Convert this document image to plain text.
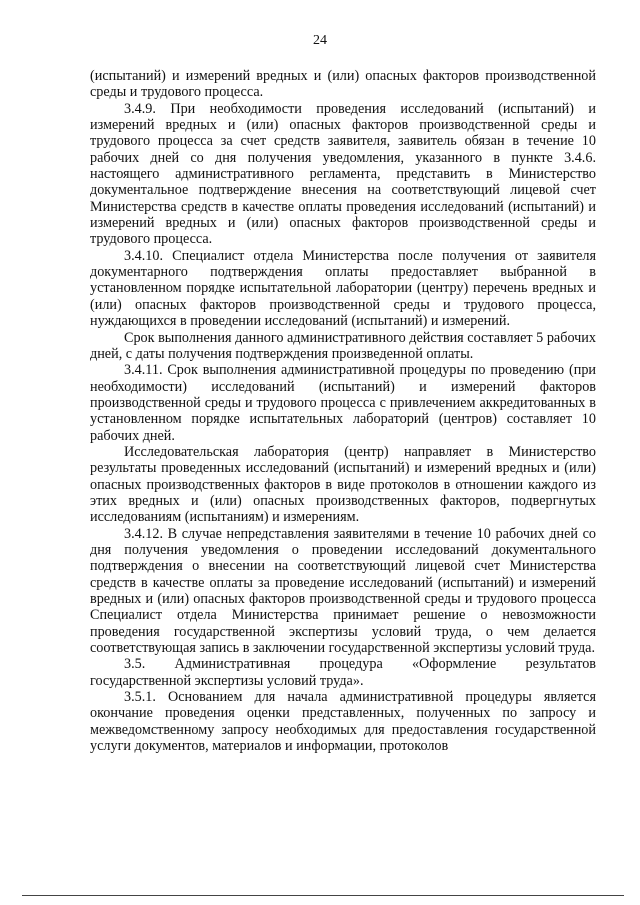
24

(испытаний) и измерений вредных и (или) опасных факторов производственной среды и трудового процесса.

3.4.9. При необходимости проведения исследований (испытаний) и измерений вредных и (или) опасных факторов производственной среды и трудового процесса за счет средств заявителя, заявитель обязан в течение 10 рабочих дней со дня получения уведомления, указанного в пункте 3.4.6. настоящего административного регламента, представить в Министерство документальное подтверждение внесения на соответствующий лицевой счет Министерства средств в качестве оплаты проведения исследований (испытаний) и измерений вредных и (или) опасных факторов производственной среды и трудового процесса.

3.4.10. Специалист отдела Министерства после получения от заявителя документарного подтверждения оплаты предоставляет выбранной в установленном порядке испытательной лаборатории (центру) перечень вредных и (или) опасных факторов производственной среды и трудового процесса, нуждающихся в проведении исследований (испытаний) и измерений.

Срок выполнения данного административного действия составляет 5 рабочих дней, с даты получения подтверждения произведенной оплаты.

3.4.11. Срок выполнения административной процедуры по проведению (при необходимости) исследований (испытаний) и измерений факторов производственной среды и трудового процесса с привлечением аккредитованных в установленном порядке испытательных лабораторий (центров) составляет 10 рабочих дней.

Исследовательская лаборатория (центр) направляет в Министерство результаты проведенных исследований (испытаний) и измерений вредных и (или) опасных производственных факторов в виде протоколов в отношении каждого из этих вредных и (или) опасных производственных факторов, подвергнутых исследованиям (испытаниям) и измерениям.

3.4.12. В случае непредставления заявителями в течение 10 рабочих дней со дня получения уведомления о проведении исследований документального подтверждения о внесении на соответствующий лицевой счет Министерства средств в качестве оплаты за проведение исследований (испытаний) и измерений вредных и (или) опасных факторов производственной среды и трудового процесса Специалист отдела Министерства принимает решение о невозможности проведения государственной экспертизы условий труда, о чем делается соответствующая запись в заключении государственной экспертизы условий труда.

3.5. Административная процедура «Оформление результатов государственной экспертизы условий труда».

3.5.1. Основанием для начала административной процедуры является окончание проведения оценки представленных, полученных по запросу и межведомственному запросу необходимых для предоставления государственной услуги документов, материалов и информации, протоколов
